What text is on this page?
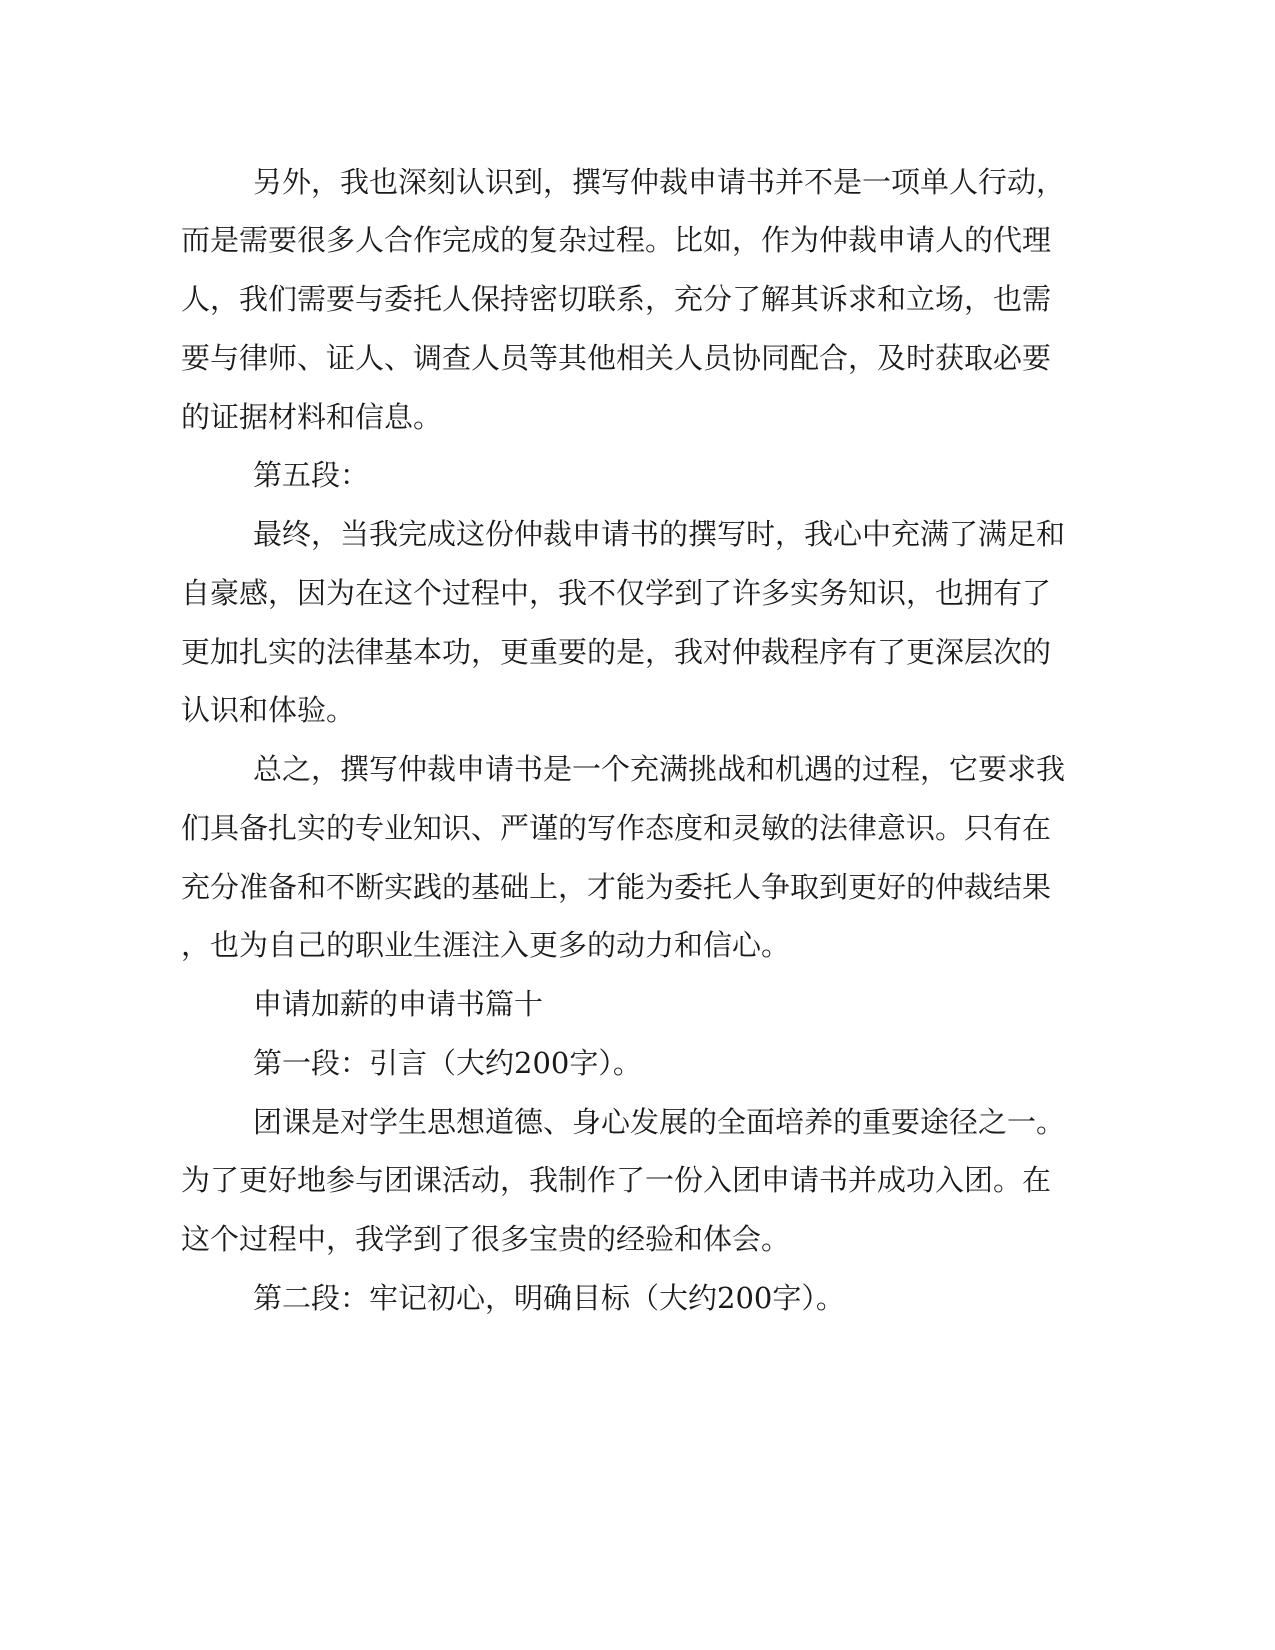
另外，我也深刻认识到，撰写仲裁申请书并不是一项单人行动，
而是需要很多人合作完成的复杂过程。比如，作为仲裁申请人的代理
人，我们需要与委托人保持密切联系，充分了解其诉求和立场，也需
要与律师、证人、调查人员等其他相关人员协同配合，及时获取必要
的证据材料和信息。
第五段：
最终，当我完成这份仲裁申请书的撰写时，我心中充满了满足和
自豪感，因为在这个过程中，我不仅学到了许多实务知识，也拥有了
更加扎实的法律基本功，更重要的是，我对仲裁程序有了更深层次的
认识和体验。
总之，撰写仲裁申请书是一个充满挑战和机遇的过程，它要求我
们具备扎实的专业知识、严谨的写作态度和灵敏的法律意识。只有在
充分准备和不断实践的基础上，才能为委托人争取到更好的仲裁结果
，也为自己的职业生涯注入更多的动力和信心。
申请加薪的申请书篇十
第一段：引言（大约200字）。
团课是对学生思想道德、身心发展的全面培养的重要途径之一。
为了更好地参与团课活动，我制作了一份入团申请书并成功入团。在
这个过程中，我学到了很多宝贵的经验和体会。
第二段：牢记初心，明确目标（大约200字）。
